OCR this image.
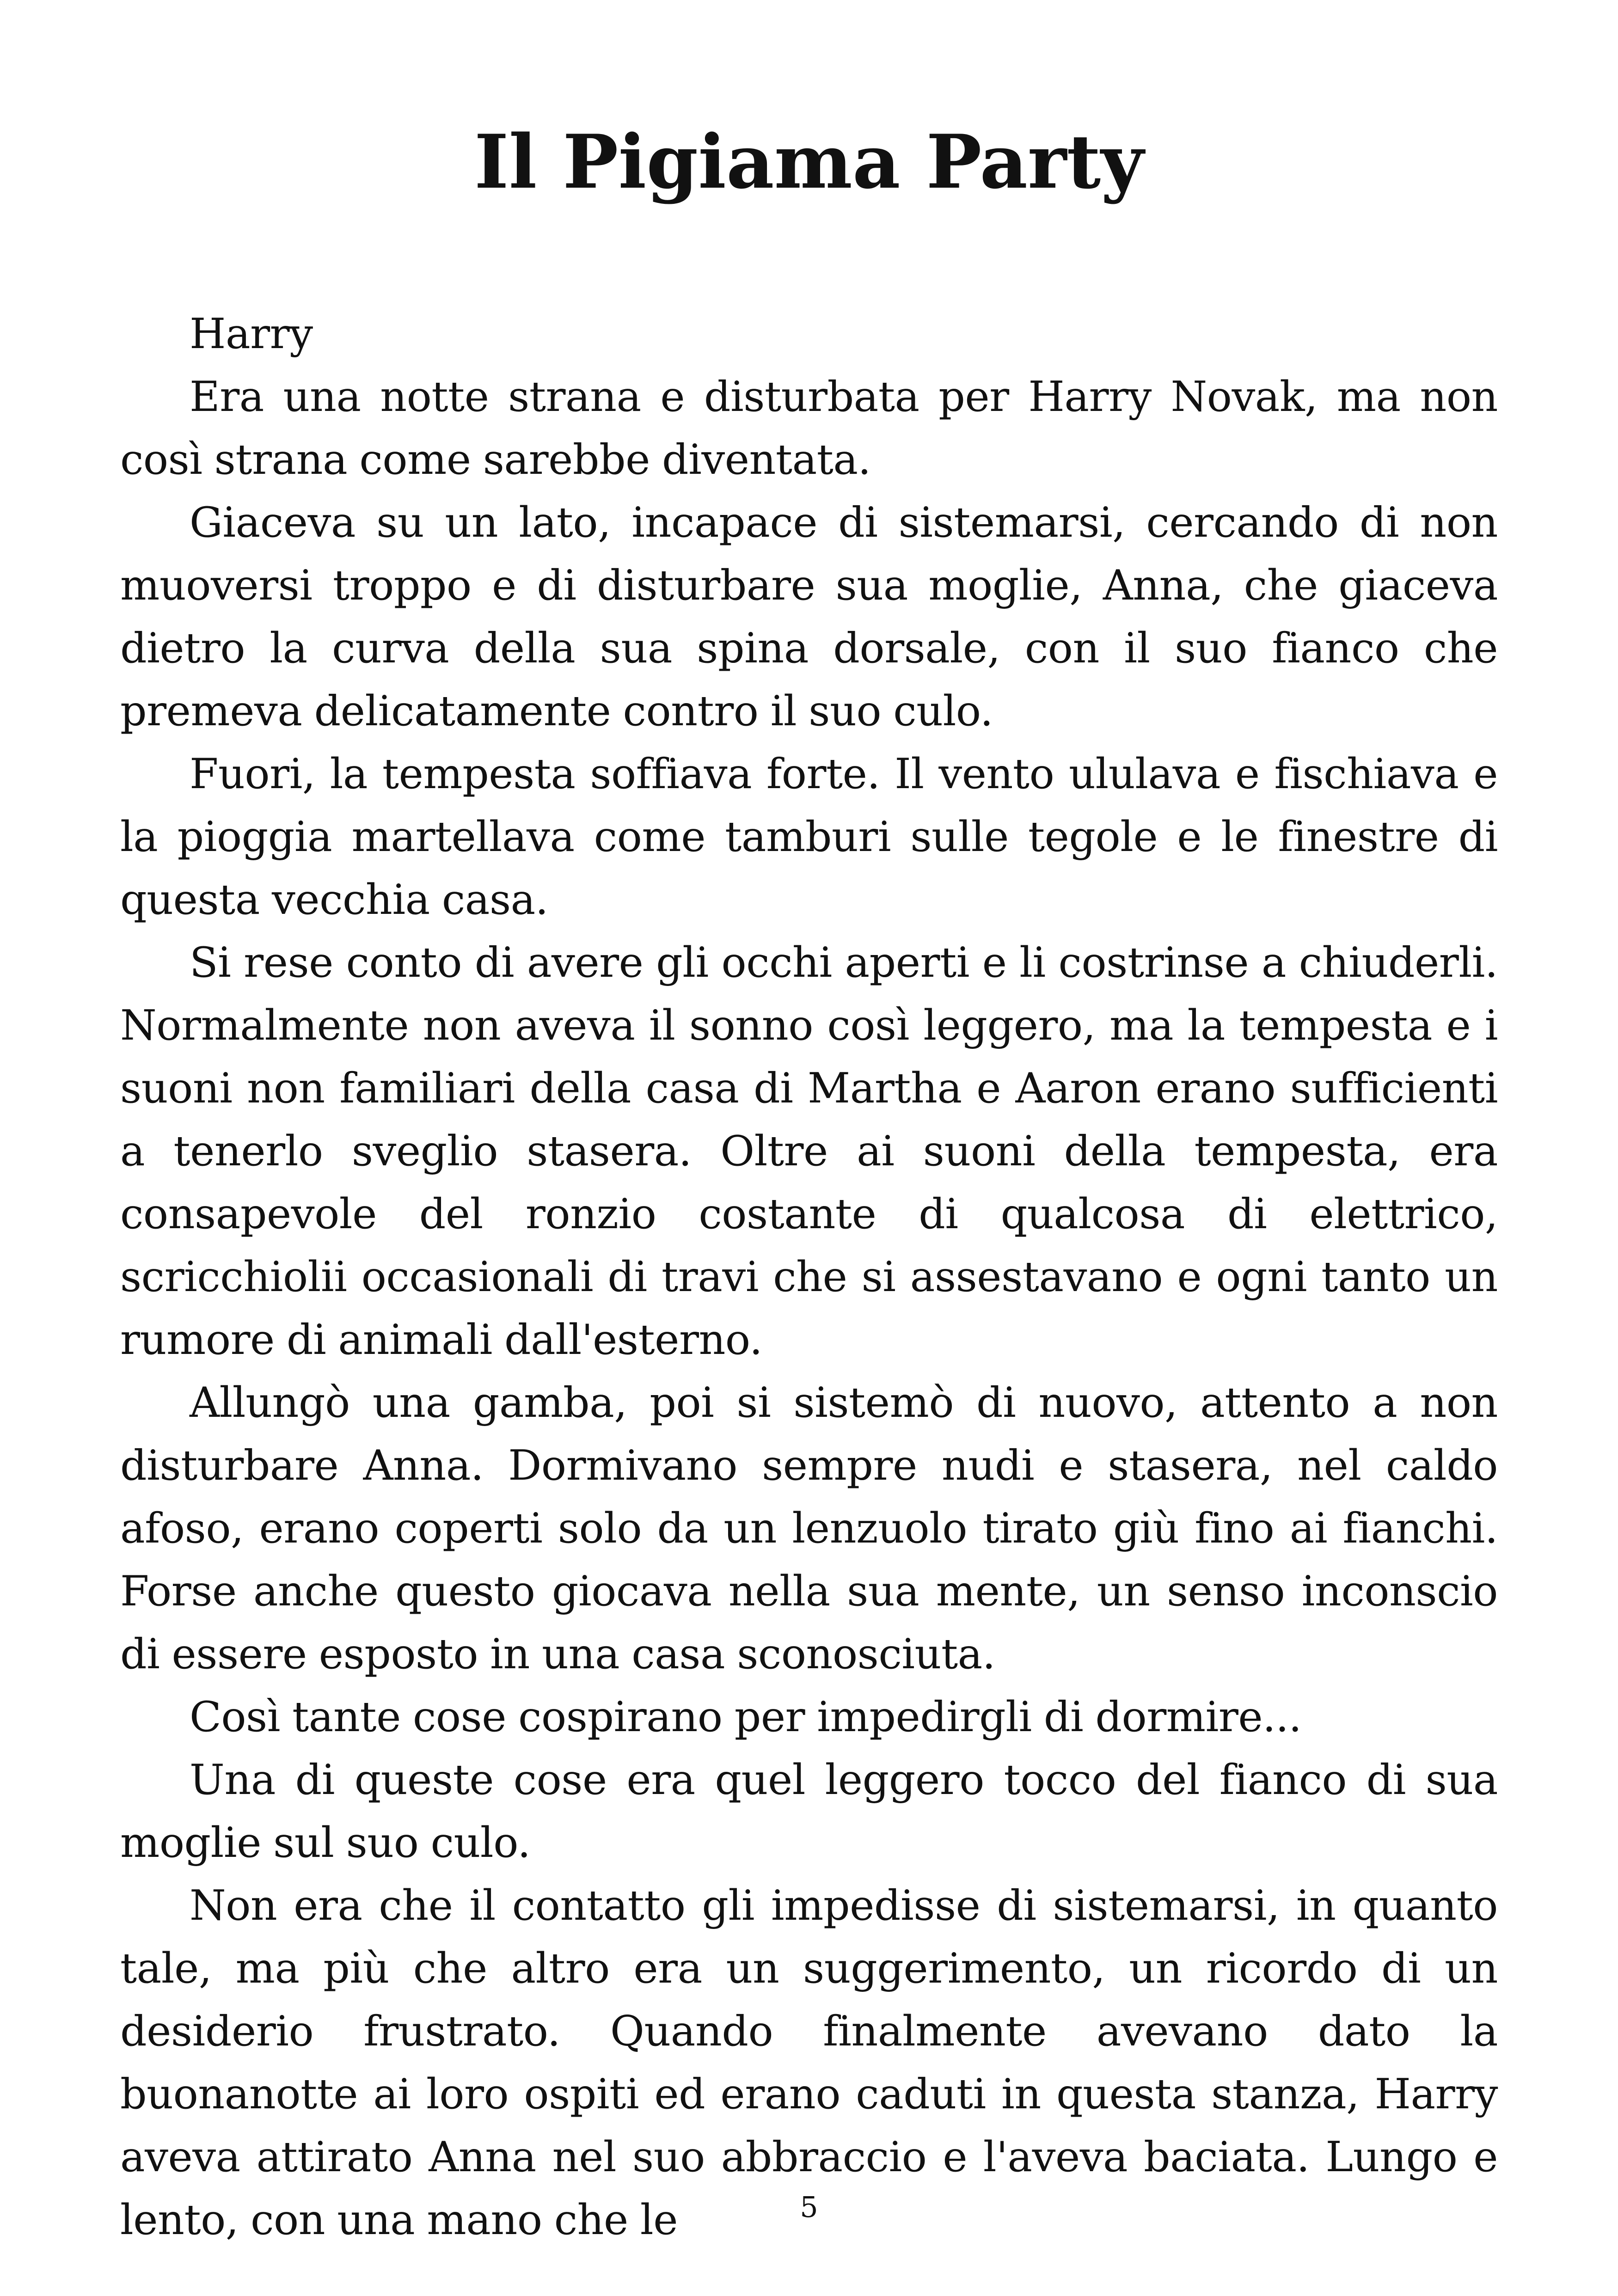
Il Pigiama Party

Harry

Era una notte strana e disturbata per Harry Novak, ma non così strana come sarebbe diventata.

Giaceva su un lato, incapace di sistemarsi, cercando di non muoversi troppo e di disturbare sua moglie, Anna, che giaceva dietro la curva della sua spina dorsale, con il suo fianco che premeva delicatamente contro il suo culo.

Fuori, la tempesta soffiava forte. Il vento ululava e fischiava e la pioggia martellava come tamburi sulle tegole e le finestre di questa vecchia casa.

Si rese conto di avere gli occhi aperti e li costrinse a chiuderli. Normalmente non aveva il sonno così leggero, ma la tempesta e i suoni non familiari della casa di Martha e Aaron erano sufficienti a tenerlo sveglio stasera. Oltre ai suoni della tempesta, era consapevole del ronzio costante di qualcosa di elettrico, scricchiolii occasionali di travi che si assestavano e ogni tanto un rumore di animali dall'esterno.

Allungò una gamba, poi si sistemò di nuovo, attento a non disturbare Anna. Dormivano sempre nudi e stasera, nel caldo afoso, erano coperti solo da un lenzuolo tirato giù fino ai fianchi. Forse anche questo giocava nella sua mente, un senso inconscio di essere esposto in una casa sconosciuta.

Così tante cose cospirano per impedirgli di dormire...

Una di queste cose era quel leggero tocco del fianco di sua moglie sul suo culo.

Non era che il contatto gli impedisse di sistemarsi, in quanto tale, ma più che altro era un suggerimento, un ricordo di un desiderio frustrato. Quando finalmente avevano dato la buonanotte ai loro ospiti ed erano caduti in questa stanza, Harry aveva attirato Anna nel suo abbraccio e l'aveva baciata. Lungo e lento, con una mano che le	5
